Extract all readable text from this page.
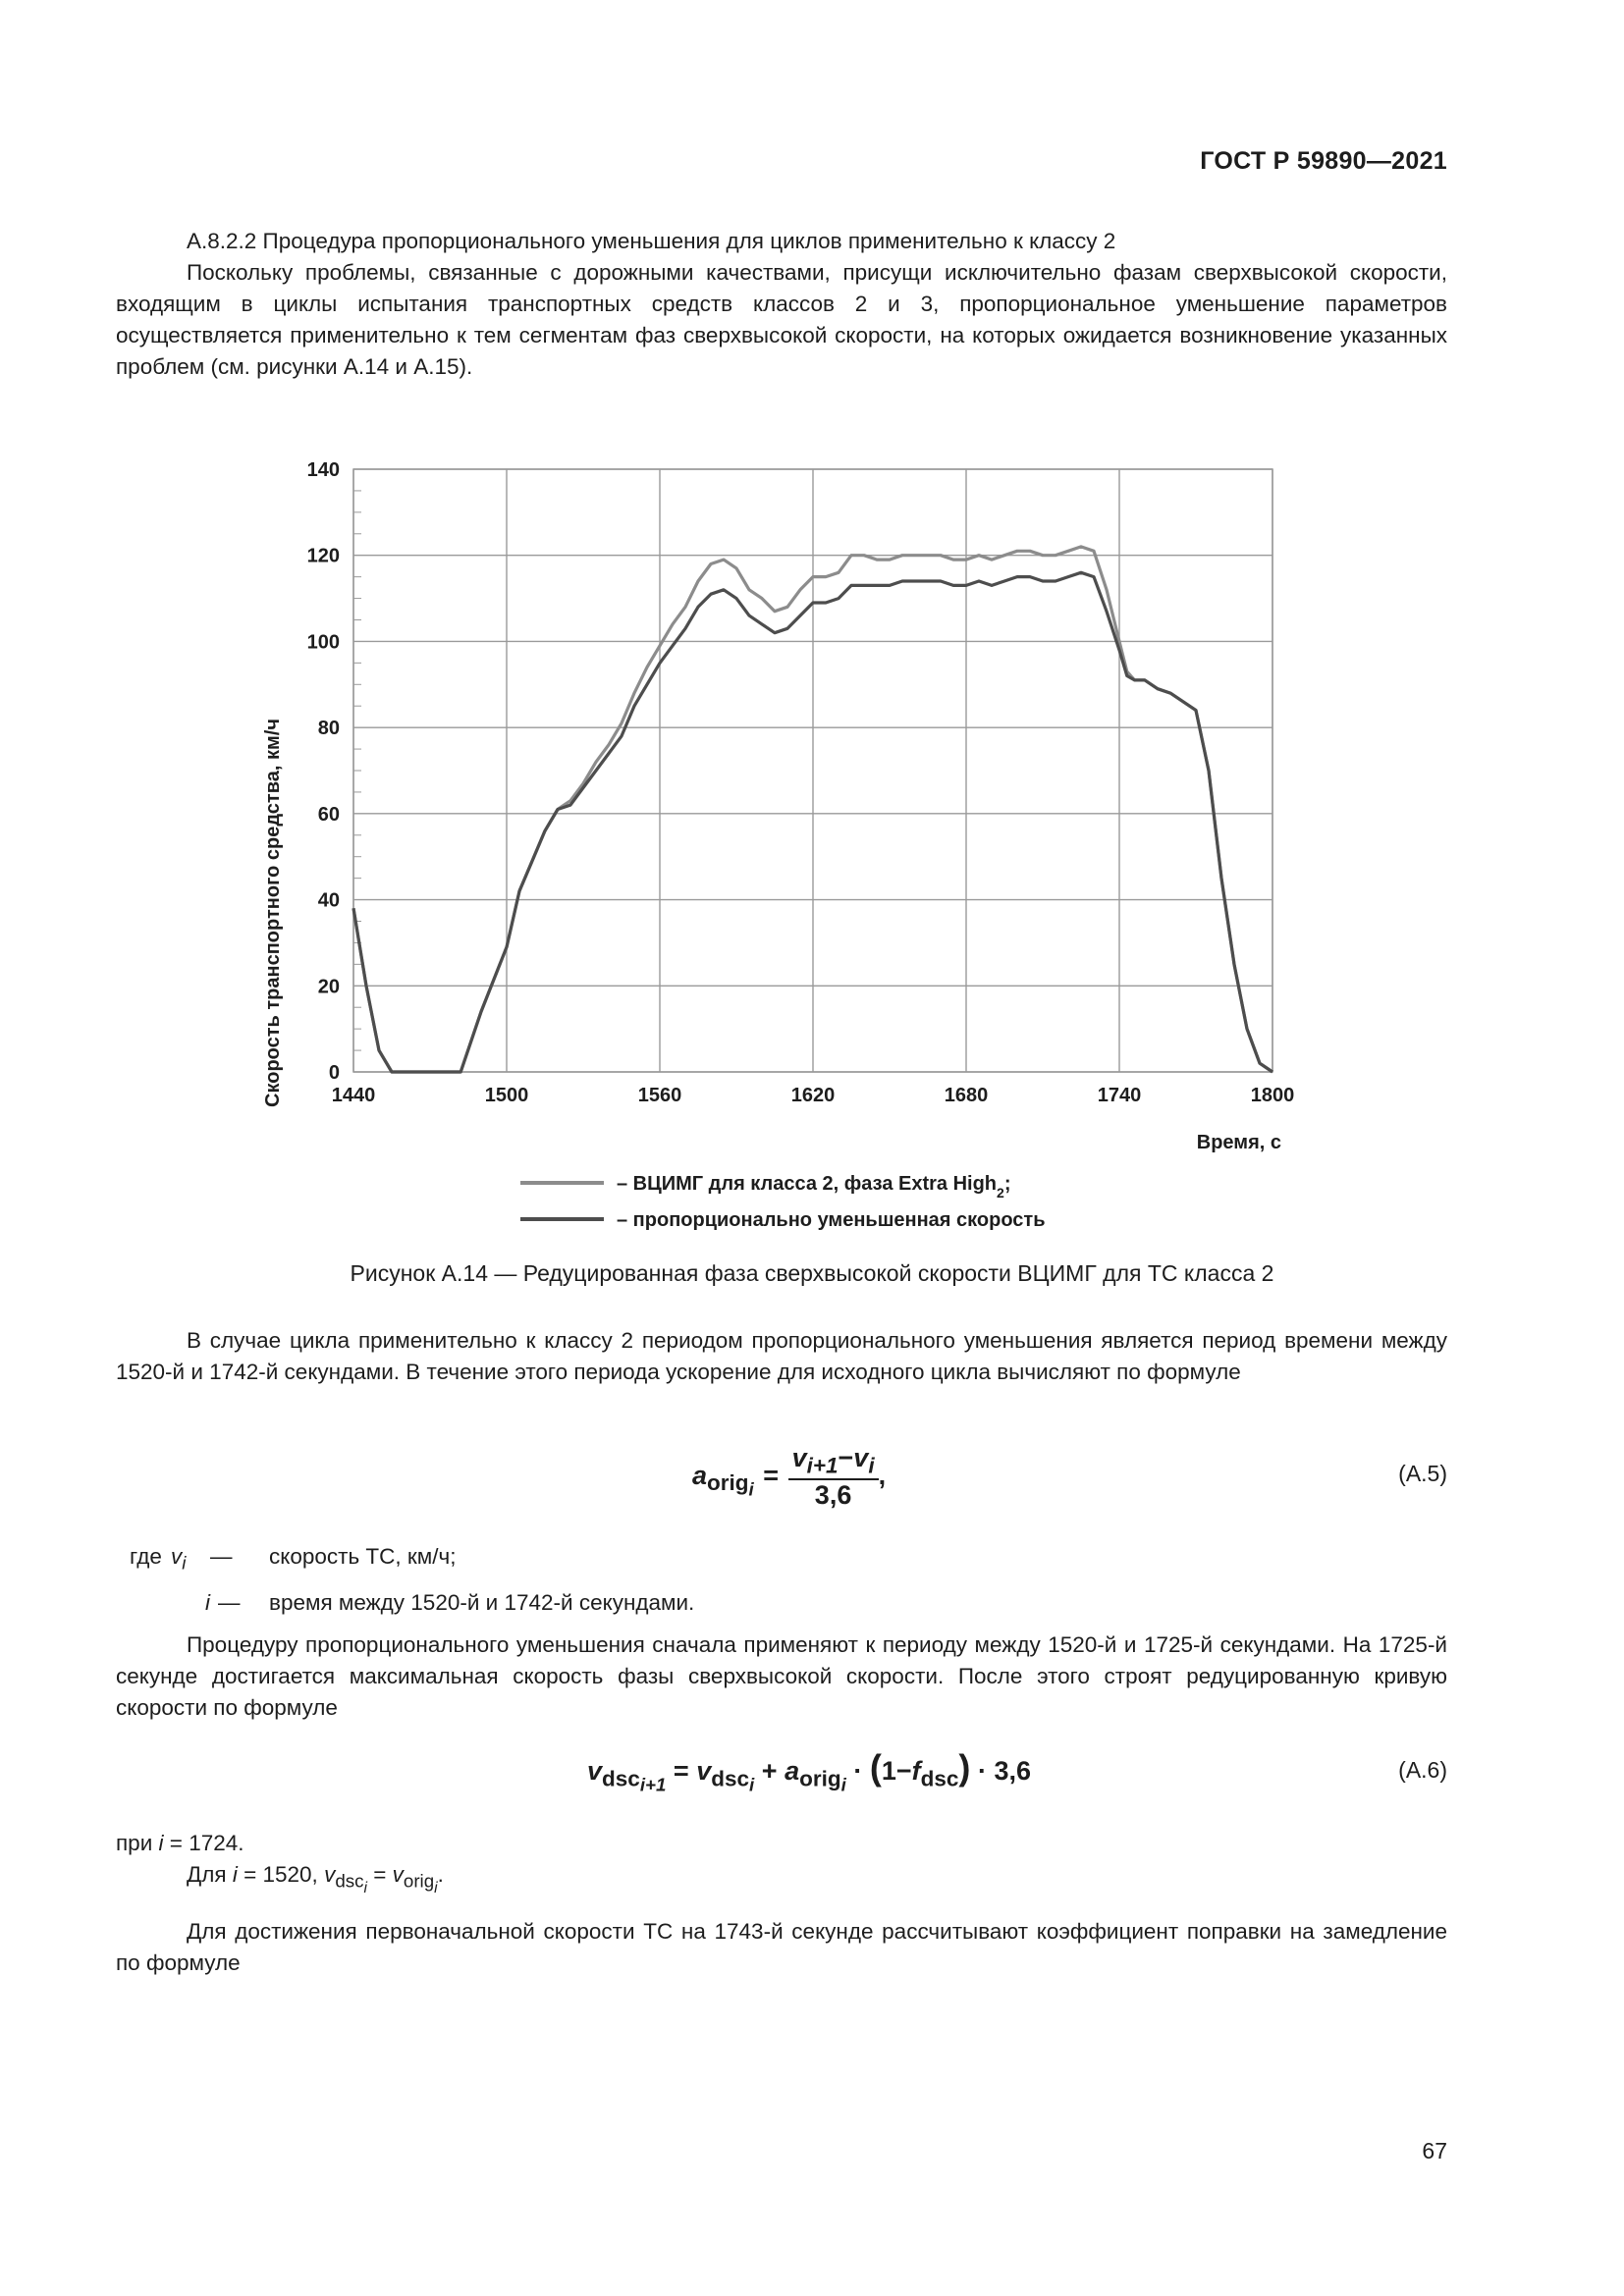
ГОСТ Р 59890—2021
А.8.2.2 Процедура пропорционального уменьшения для циклов применительно к классу 2
Поскольку проблемы, связанные с дорожными качествами, присущи исключительно фазам сверхвысокой скорости, входящим в циклы испытания транспортных средств классов 2 и 3, пропорциональное уменьшение параметров осуществляется применительно к тем сегментам фаз сверхвысокой скорости, на которых ожидается возникновение указанных проблем (см. рисунки А.14 и А.15).
0
20
40
60
80
100
120
140
1440	1500	1560	1620	1680	1740	1800
Скорость транспортного средства, км/ч
Время, с
– ВЦИМГ для класса 2, фаза Extra High$_2$;
– пропорционально уменьшенная скорость
Рисунок А.14 — Редуцированная фаза сверхвысокой скорости ВЦИМГ для ТС класса 2
В случае цикла применительно к классу 2 периодом пропорционального уменьшения является период времени между 1520-й и 1742-й секундами. В течение этого периода ускорение для исходного цикла вычисляют по формуле
$a_{orig_i} = \frac{v_{i+1}-v_i}{3,6}$ ,	(А.5)
где $v_i$	—	скорость ТС, км/ч;
i —	время между 1520-й и 1742-й секундами.
Процедуру пропорционального уменьшения сначала применяют к периоду между 1520-й и 1725-й секундами. На 1725-й секунде достигается максимальная скорость фазы сверхвысокой скорости. После этого строят редуцированную кривую скорости по формуле
$v_{dsc_{i+1}} = v_{dsc_i} + a_{orig_i} \cdot (1-f_{dsc}) \cdot 3,6$	(А.6)
при i = 1724.
Для i = 1520, $v_{dsc_i} = v_{orig_i}$.
Для достижения первоначальной скорости ТС на 1743-й секунде рассчитывают коэффициент поправки на замедление по формуле
67
